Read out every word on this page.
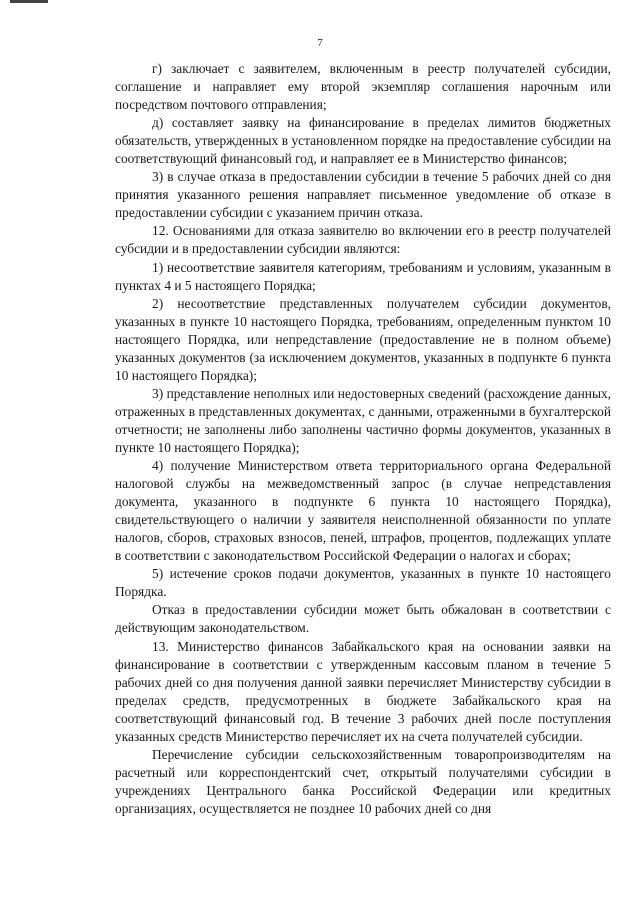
7

г) заключает с заявителем, включенным в реестр получателей субсидии, соглашение и направляет ему второй экземпляр соглашения нарочным или посредством почтового отправления;

д) составляет заявку на финансирование в пределах лимитов бюджетных обязательств, утвержденных в установленном порядке на предоставление субсидии на соответствующий финансовый год, и направляет ее в Министерство финансов;

3) в случае отказа в предоставлении субсидии в течение 5 рабочих дней со дня принятия указанного решения направляет письменное уведомление об отказе в предоставлении субсидии с указанием причин отказа.

12. Основаниями для отказа заявителю во включении его в реестр получателей субсидии и в предоставлении субсидии являются:

1) несоответствие заявителя категориям, требованиям и условиям, указанным в пунктах 4 и 5 настоящего Порядка;

2) несоответствие представленных получателем субсидии документов, указанных в пункте 10 настоящего Порядка, требованиям, определенным пунктом 10 настоящего Порядка, или непредставление (предоставление не в полном объеме) указанных документов (за исключением документов, указанных в подпункте 6 пункта 10 настоящего Порядка);

3) представление неполных или недостоверных сведений (расхождение данных, отраженных в представленных документах, с данными, отраженными в бухгалтерской отчетности; не заполнены либо заполнены частично формы документов, указанных в пункте 10 настоящего Порядка);

4) получение Министерством ответа территориального органа Федеральной налоговой службы на межведомственный запрос (в случае непредставления документа, указанного в подпункте 6 пункта 10 настоящего Порядка), свидетельствующего о наличии у заявителя неисполненной обязанности по уплате налогов, сборов, страховых взносов, пеней, штрафов, процентов, подлежащих уплате в соответствии с законодательством Российской Федерации о налогах и сборах;

5) истечение сроков подачи документов, указанных в пункте 10 настоящего Порядка.

Отказ в предоставлении субсидии может быть обжалован в соответствии с действующим законодательством.

13. Министерство финансов Забайкальского края на основании заявки на финансирование в соответствии с утвержденным кассовым планом в течение 5 рабочих дней со дня получения данной заявки перечисляет Министерству субсидии в пределах средств, предусмотренных в бюджете Забайкальского края на соответствующий финансовый год. В течение 3 рабочих дней после поступления указанных средств Министерство перечисляет их на счета получателей субсидии.

Перечисление субсидии сельскохозяйственным товаропроизводителям на расчетный или корреспондентский счет, открытый получателями субсидии в учреждениях Центрального банка Российской Федерации или кредитных организациях, осуществляется не позднее 10 рабочих дней со дня
